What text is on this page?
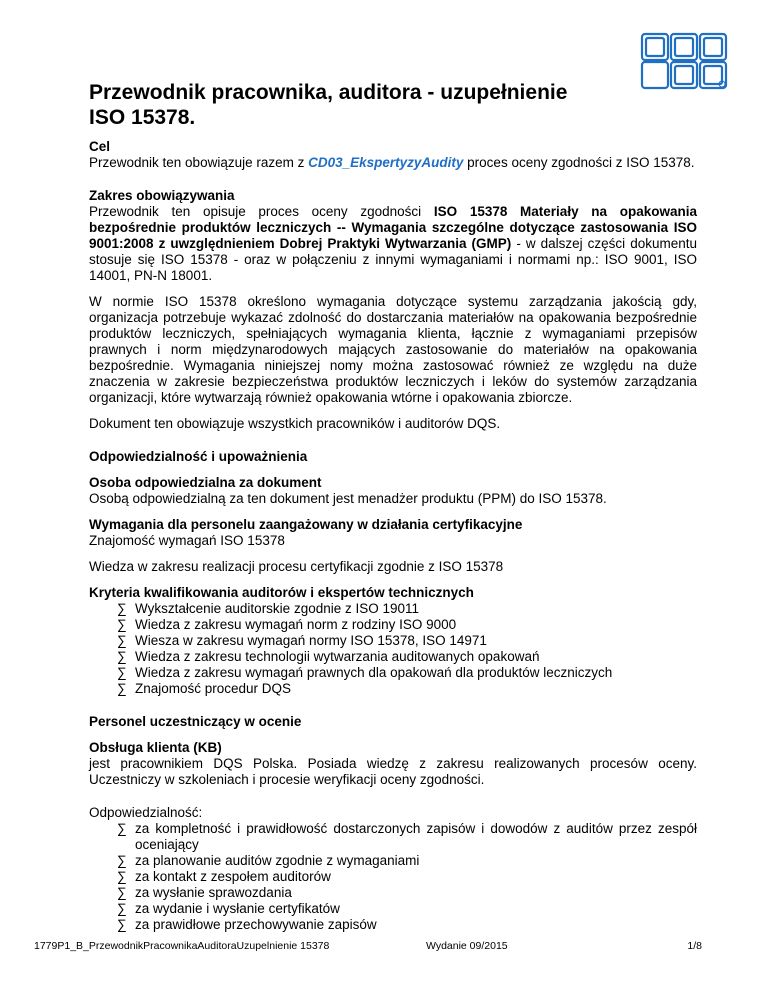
Przewodnik pracownika, auditora - uzupełnienie
ISO 15378.

Cel

Przewodnik ten obowiązuje razem z CD03_EkspertyzyAudity proces oceny zgodności z ISO 15378.

Zakres obowiązywania

Przewodnik ten opisuje proces oceny zgodności ISO 15378 Materiały na opakowania bezpośrednie produktów leczniczych -- Wymagania szczególne dotyczące zastosowania ISO 9001:2008 z uwzględnieniem Dobrej Praktyki Wytwarzania (GMP) - w dalszej części dokumentu stosuje się ISO 15378 - oraz w połączeniu z innymi wymaganiami i normami np.: ISO 9001, ISO 14001, PN-N 18001.

W normie ISO 15378 określono wymagania dotyczące systemu zarządzania jakością gdy, organizacja potrzebuje wykazać zdolność do dostarczania materiałów na opakowania bezpośrednie produktów leczniczych, spełniających wymagania klienta, łącznie z wymaganiami przepisów prawnych i norm międzynarodowych mających zastosowanie do materiałów na opakowania bezpośrednie. Wymagania niniejszej nomy można zastosować również ze względu na duże znaczenia w zakresie bezpieczeństwa produktów leczniczych i leków do systemów zarządzania organizacji, które wytwarzają również opakowania wtórne i opakowania zbiorcze.

Dokument ten obowiązuje wszystkich pracowników i auditorów DQS.

Odpowiedzialność i upoważnienia

Osoba odpowiedzialna za dokument

Osobą odpowiedzialną za ten dokument jest menadżer produktu (PPM) do ISO 15378.

Wymagania dla personelu zaangażowany w działania certyfikacyjne

Znajomość wymagań ISO 15378

Wiedza w zakresu realizacji procesu certyfikacji zgodnie z ISO 15378

Kryteria kwalifikowania auditorów i ekspertów technicznych

∑ Wykształcenie auditorskie zgodnie z ISO 19011
∑ Wiedza z zakresu wymagań norm z rodziny ISO 9000
∑ Wiesza w zakresu wymagań normy ISO 15378, ISO 14971
∑ Wiedza z zakresu technologii wytwarzania auditowanych opakowań
∑ Wiedza z zakresu wymagań prawnych dla opakowań dla produktów leczniczych
∑ Znajomość procedur DQS

Personel uczestniczący w ocenie

Obsługa klienta (KB)

jest pracownikiem DQS Polska. Posiada wiedzę z zakresu realizowanych procesów oceny. Uczestniczy w szkoleniach i procesie weryfikacji oceny zgodności.

Odpowiedzialność:

∑ za kompletność i prawidłowość dostarczonych zapisów i dowodów z auditów przez zespół oceniający
∑ za planowanie auditów zgodnie z wymaganiami
∑ za kontakt z zespołem auditorów
∑ za wysłanie sprawozdania
∑ za wydanie i wysłanie certyfikatów
∑ za prawidłowe przechowywanie zapisów
1779P1_B_PrzewodnikPracownikaAuditoraUzupelnienie 15378	Wydanie 09/2015	1/8
